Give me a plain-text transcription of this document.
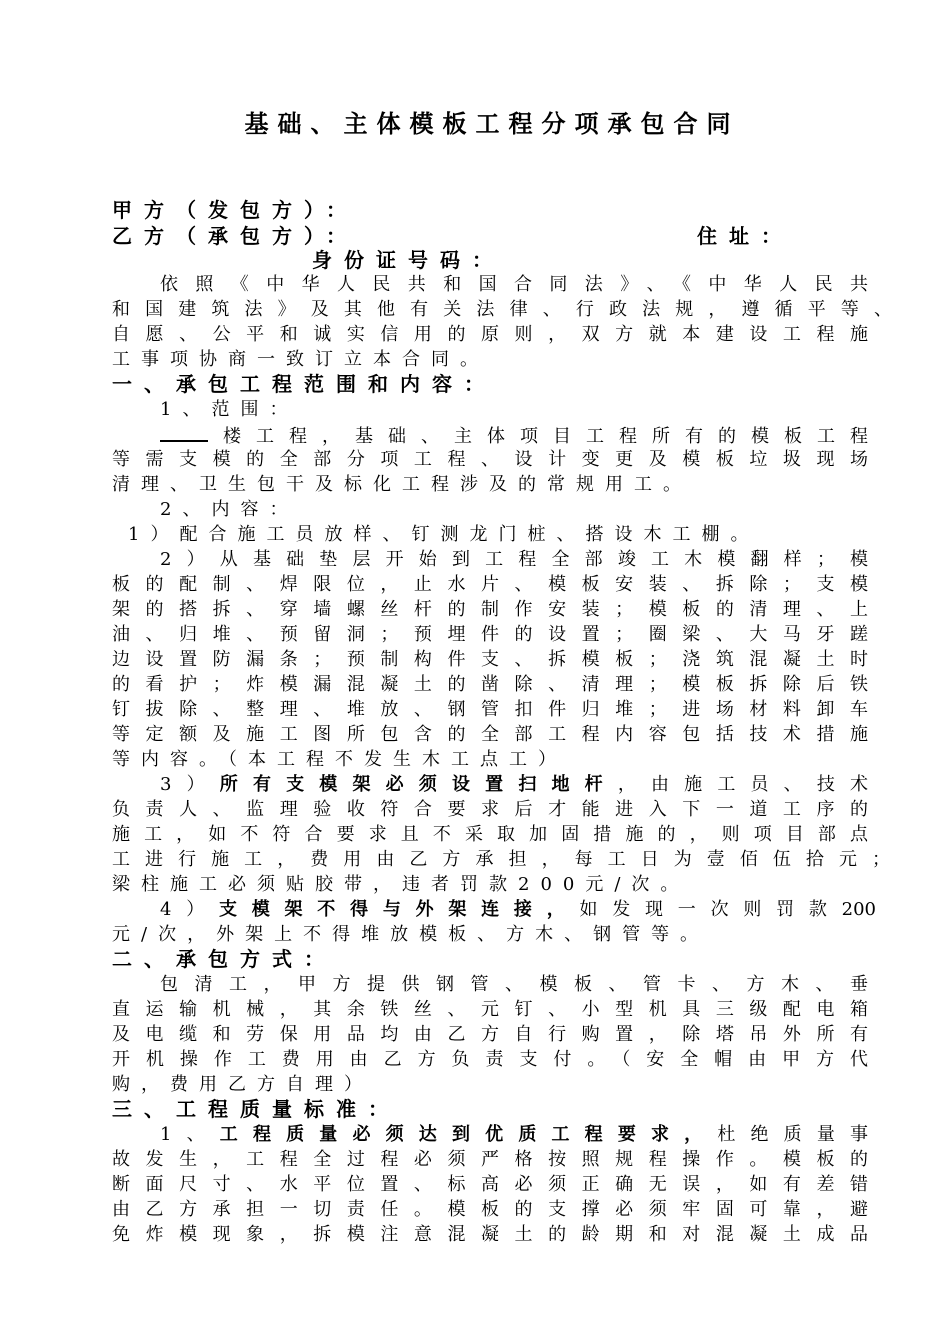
基础、主体模板工程分项承包合同
甲方（发包方）：
乙方（承包方）：	住址：
身份证号码：
依照《中华人民共和国合同法》、《中华人民共
和国建筑法》及其他有关法律、行政法规，遵循平等、
自愿、公平和诚实信用的原则，双方就本建设工程施
工事项协商一致订立本合同。
一、承包工程范围和内容：
1、范围：
楼工程，基础、主体项目工程所有的模板工程
等需支模的全部分项工程、设计变更及模板垃圾现场
清理、卫生包干及标化工程涉及的常规用工。
2、内容：
1）配合施工员放样、钉测龙门桩、搭设木工棚。
2）从基础垫层开始到工程全部竣工木模翻样；模
板的配制、焊限位，止水片、模板安装、拆除；支模
架的搭拆、穿墙螺丝杆的制作安装；模板的清理、上
油、归堆、预留洞；预埋件的设置；圈梁、大马牙蹉
边设置防漏条；预制构件支、拆模板；浇筑混凝土时
的看护；炸模漏混凝土的凿除、清理；模板拆除后铁
钉拔除、整理、堆放、钢管扣件归堆；进场材料卸车
等定额及施工图所包含的全部工程内容包括技术措施
等内容。（本工程不发生木工点工）
3）所有支模架必须设置扫地杆，由施工员、技术
负责人、监理验收符合要求后才能进入下一道工序的
施工，如不符合要求且不采取加固措施的，则项目部点
工进行施工，费用由乙方承担，每工日为壹佰伍拾元；
梁柱施工必须贴胶带，违者罚款200元/次。
4）支模架不得与外架连接，如发现一次则罚款200
元/次，外架上不得堆放模板、方木、钢管等。
二、承包方式：
包清工，甲方提供钢管、模板、管卡、方木、垂
直运输机械，其余铁丝、元钉、小型机具三级配电箱
及电缆和劳保用品均由乙方自行购置，除塔吊外所有
开机操作工费用由乙方负责支付。（安全帽由甲方代
购，费用乙方自理）
三、工程质量标准：
1、工程质量必须达到优质工程要求，杜绝质量事
故发生，工程全过程必须严格按照规程操作。模板的
断面尺寸、水平位置、标高必须正确无误，如有差错
由乙方承担一切责任。模板的支撑必须牢固可靠，避
免炸模现象，拆模注意混凝土的龄期和对混凝土成品
